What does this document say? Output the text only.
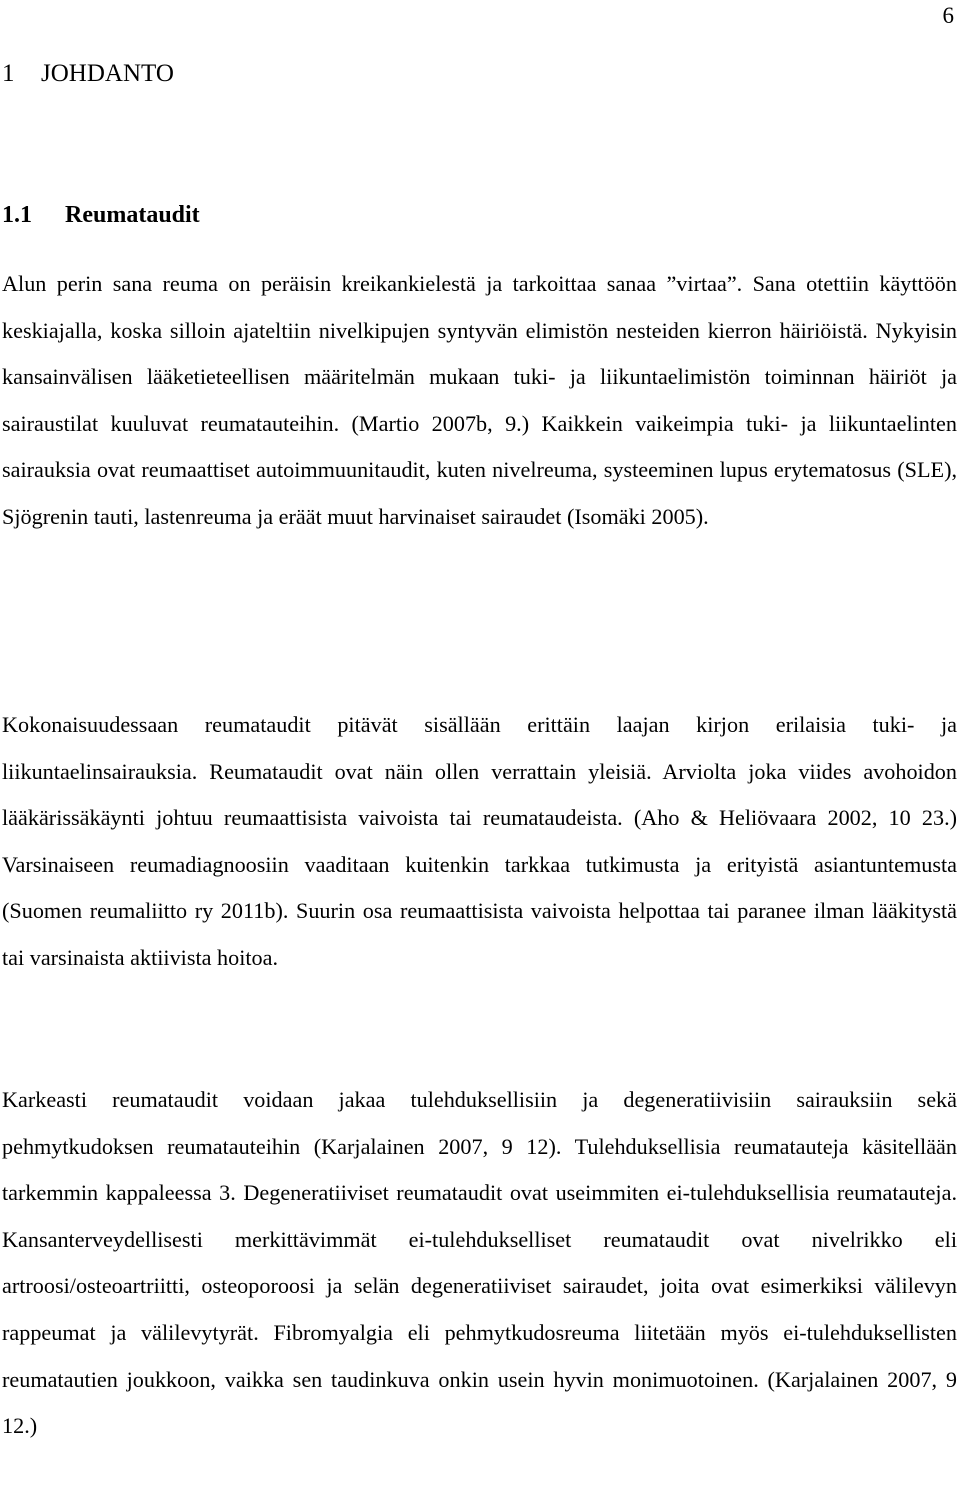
6
1 JOHDANTO
1.1 Reumataudit

Alun perin sana reuma on peräisin kreikankielestä ja tarkoittaa sanaa ”virtaa”. Sana otettiin käyttöön keskiajalla, koska silloin ajateltiin nivelkipujen syntyvän elimistön nesteiden kierron häiriöistä. Nykyisin kansainvälisen lääketieteellisen määritelmän mukaan tuki- ja liikuntaelimistön toiminnan häiriöt ja sairaustilat kuuluvat reumatauteihin. (Martio 2007b, 9.) Kaikkein vaikeimpia tuki- ja liikuntaelinten sairauksia ovat reumaattiset autoimmuunitaudit, kuten nivelreuma, systeeminen lupus erytematosus (SLE), Sjögrenin tauti, lastenreuma ja eräät muut harvinaiset sairaudet (Isomäki 2005).

Kokonaisuudessaan reumataudit pitävät sisällään erittäin laajan kirjon erilaisia tuki- ja liikuntaelinsairauksia. Reumataudit ovat näin ollen verrattain yleisiä. Arviolta joka viides avohoidon lääkärissäkäynti johtuu reumaattisista vaivoista tai reumataudeista. (Aho & Heliövaara 2002, 10 23.) Varsinaiseen reumadiagnoosiin vaaditaan kuitenkin tarkkaa tutkimusta ja erityistä asiantuntemusta (Suomen reumaliitto ry 2011b). Suurin osa reumaattisista vaivoista helpottaa tai paranee ilman lääkitystä tai varsinaista aktiivista hoitoa.

Karkeasti reumataudit voidaan jakaa tulehduksellisiin ja degeneratiivisiin sairauksiin sekä pehmytkudoksen reumatauteihin (Karjalainen 2007, 9 12). Tulehduksellisia reumatauteja käsitellään tarkemmin kappaleessa 3. Degeneratiiviset reumataudit ovat useimmiten ei-tulehduksellisia reumatauteja. Kansanterveydellisesti merkittävimmät ei-tulehdukselliset reumataudit ovat nivelrikko eli artroosi/osteoartriitti, osteoporoosi ja selän degeneratiiviset sairaudet, joita ovat esimerkiksi välilevyn rappeumat ja välilevytyrät. Fibromyalgia eli pehmytkudosreuma liitetään myös ei-tulehduksellisten reumatautien joukkoon, vaikka sen taudinkuva onkin usein hyvin monimuotoinen. (Karjalainen 2007, 9 12.)
